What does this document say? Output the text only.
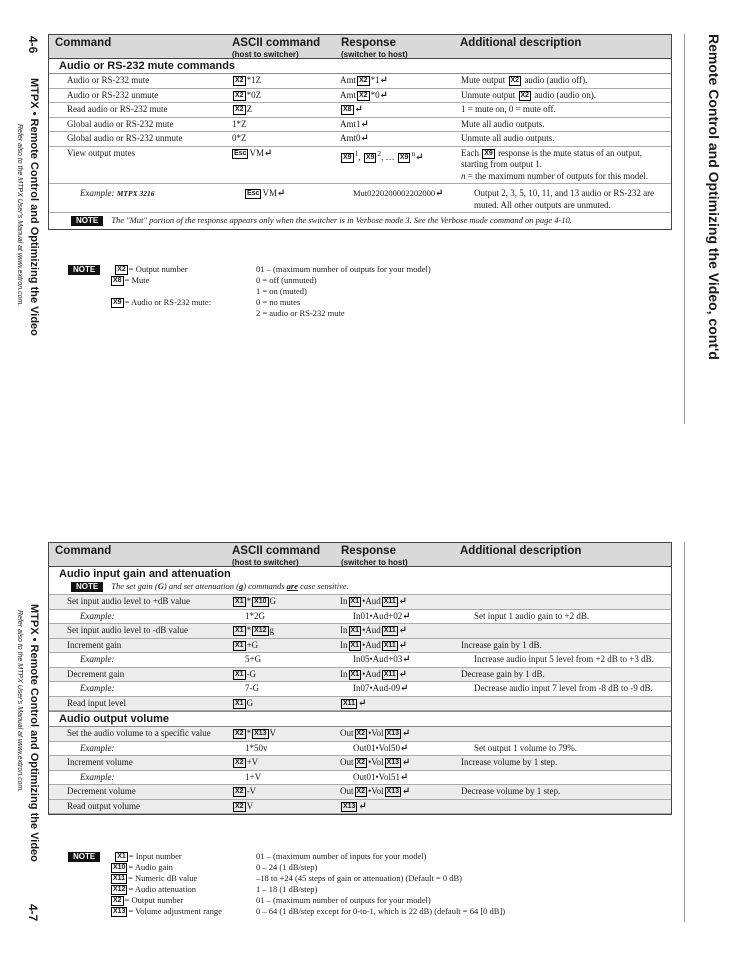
4-6
MTPX • Remote Control and Optimizing the Video
Refer also to the MTPX User's Manual at www.extron.com.	Remote Control and Optimizing the Video, cont'd
MTPX • Remote Control and Optimizing the Video
Refer also to the MTPX User's Manual at www.extron.com.
4-7
Command	ASCII command
(host to switcher)
Response
(switcher to host)
Additional description
Audio or RS-232 mute commands
Audio or RS-232 mute	X2 *1Z	Amt X2 *1↵	Mute output X2 audio (audio off).
Audio or RS-232 unmute	X2 *0Z	Amt X2 *0↵	Unmute output X2 audio (audio on).
Read audio or RS-232 mute	X2 Z	X8 ↵	1 = mute on, 0 = mute off.
Global audio or RS-232 mute	1*Z	Amt1↵	Mute all audio outputs.
Global audio or RS-232 unmute	0*Z	Amt0↵	Unmute all audio outputs.
View output mutes	Esc VM↵	X9 $^1$, X9 $^2$, … X9 $^n$↵	Each X9 response is the mute status of an output, starting from output 1.
n = the maximum number of outputs for this model.
Example: MTPX 3216	Esc VM↵	Mut0220200002202000↵	Output 2, 3, 5, 10, 11, and 13 audio or RS-232 are muted. All other outputs are unmuted.
NOTE The "Mut" portion of the response appears only when the switcher is in Verbose mode 3. See the Verbose mode command on page 4-10.
NOTE	X2 = Output number	01 – (maximum number of outputs for your model)
X8 = Mute	0 = off (unmuted)
1 = on (muted)
X9 = Audio or RS-232 mute:	0 = no mutes
2 = audio or RS-232 mute
Command	ASCII command
(host to switcher)
Response
(switcher to host)
Additional description
Audio input gain and attenuation
NOTE The set gain (G) and set attenuation (g) commands are case sensitive.
Set input audio level to +dB value	X1 * X10 G	In X1 •Aud X11 ↵
Example:	1*2G	In01•Aud+02↵	Set input 1 audio gain to +2 dB.
Set input audio level to -dB value	X1 * X12 g	In X1 •Aud X11 ↵
Increment gain	X1 +G	In X1 •Aud X11 ↵	Increase gain by 1 dB.
Example:	5+G	In05•Aud+03↵	Increase audio input 5 level from +2 dB to +3 dB.
Decrement gain	X1 -G	In X1 •Aud X11 ↵	Decrease gain by 1 dB.
Example:	7-G	In07•Aud-09↵	Decrease audio input 7 level from -8 dB to -9 dB.
Read input level	X1 G	X11 ↵
Audio output volume
Set the audio volume to a specific value	X2 * X13 V	Out X2 •Vol X13 ↵
Example:	1*50v	Out01•Vol50↵	Set output 1 volume to 79%.
Increment volume	X2 +V	Out X2 •Vol X13 ↵	Increase volume by 1 step.
Example:	1+V	Out01•Vol51↵
Decrement volume	X2 -V	Out X2 •Vol X13 ↵	Decrease volume by 1 step.
Read output volume	X2 V	X13 ↵
NOTE	X1 = Input number	01 – (maximum number of inputs for your model)
X10 = Audio gain	0 – 24 (1 dB/step)
X11 = Numeric dB value	–18 to +24 (45 steps of gain or attenuation) (Default = 0 dB)
X12 = Audio attenuation	1 – 18 (1 dB/step)
X2 = Output number	01 – (maximum number of outputs for your model)
X13 = Volume adjustment range	0 – 64 (1 dB/step except for 0-to-1, which is 22 dB) (default = 64 [0 dB])
